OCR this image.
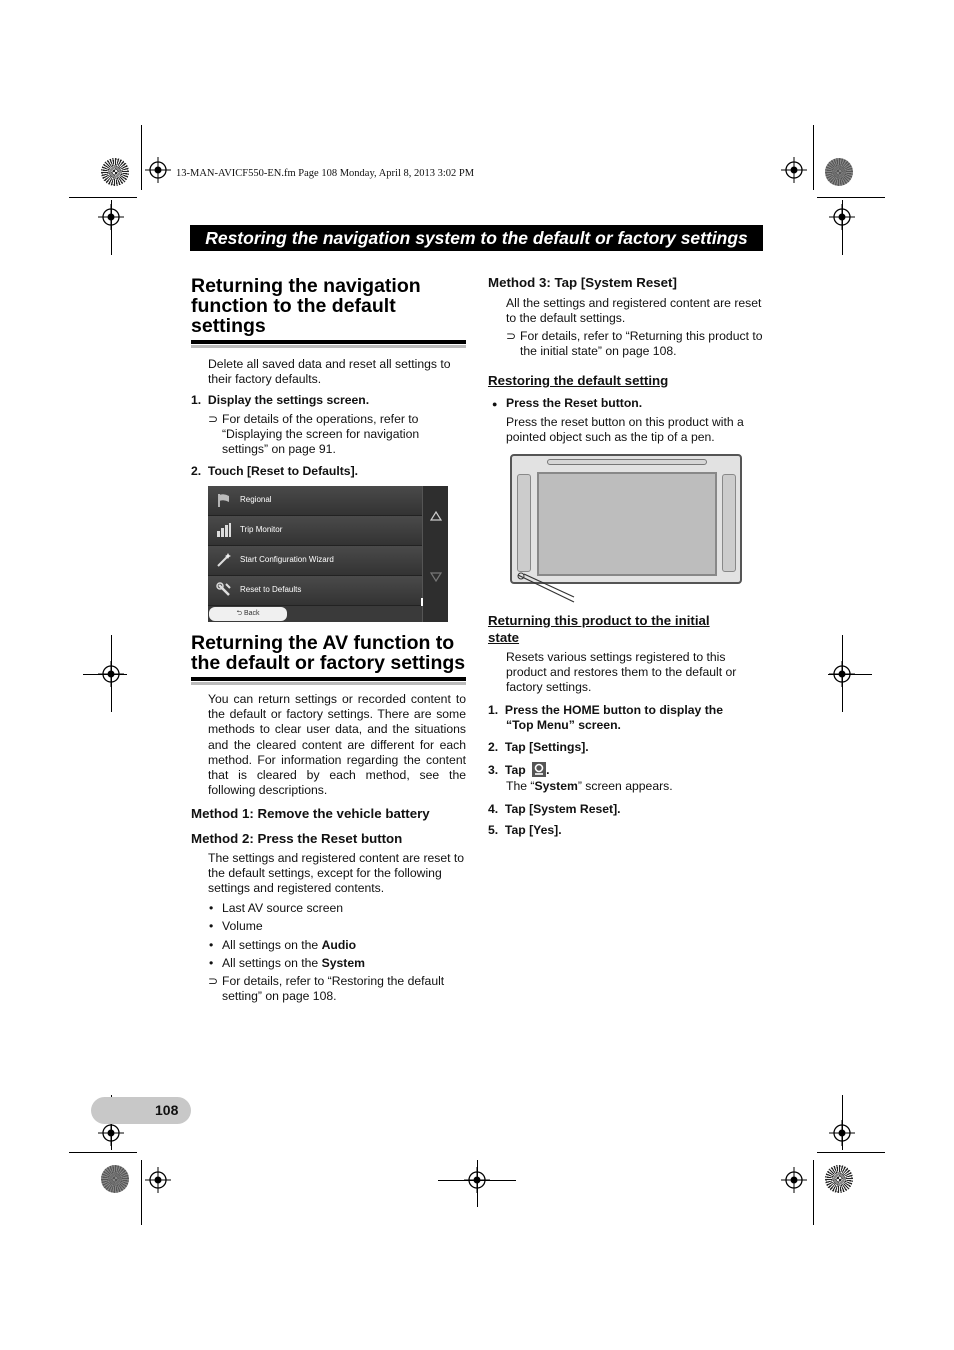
13-MAN-AVICF550-EN.fm Page 108 Monday, April 8, 2013 3:02 PM
Restoring the navigation system to the default or factory settings
Returning the navigation
function to the default
settings
Delete all saved data and reset all settings to their factory defaults.
1.  Display the settings screen.
⊃ For details of the operations, refer to “Displaying the screen for navigation settings” on page 91.
2.  Touch [Reset to Defaults].
Regional
Trip Monitor
Start Configuration Wizard
Reset to Defaults
⮌ Back
Returning the AV function to
the default or factory settings
You can return settings or recorded content to the default or factory settings. There are some methods to clear user data, and the situations and the cleared content are different for each method. For information regarding the content that is cleared by each method, see the following descriptions.
Method 1: Remove the vehicle battery
Method 2: Press the Reset button
The settings and registered content are reset to the default settings, except for the following settings and registered contents.
• Last AV source screen
• Volume
• All settings on the Audio
• All settings on the System
⊃ For details, refer to “Restoring the default setting” on page 108.
Method 3: Tap [System Reset]
All the settings and registered content are reset to the default settings.
⊃ For details, refer to “Returning this product to the initial state” on page 108.
Restoring the default setting
● Press the Reset button.
Press the reset button on this product with a pointed object such as the tip of a pen.
Returning this product to the initial state
Resets various settings registered to this product and restores them to the default or factory settings.
1.  Press the HOME button to display the
“Top Menu” screen.
2.  Tap [Settings].
3.  Tap .
The “System” screen appears.
4.  Tap [System Reset].
5.  Tap [Yes].
108
